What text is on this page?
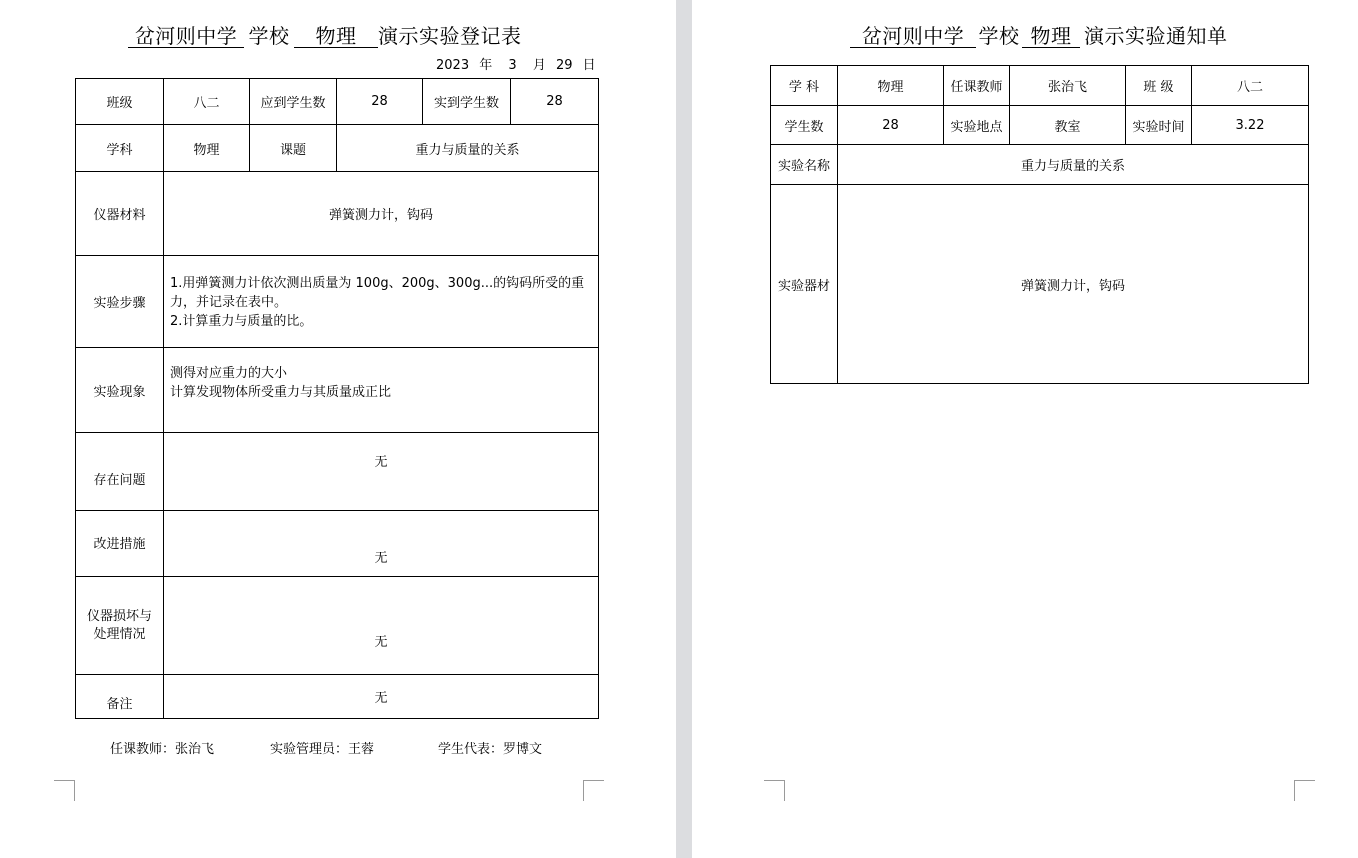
岔河则中学 学校 物理 演示实验登记表
2023 年 3 月 29 日
班级	八二	应到学生数	28	实到学生数	28
学科	物理	课题	重力与质量的关系		
仪器材料	弹簧测力计，钩码				
实验步骤	1.用弹簧测力计依次测出质量为 100g、200g、300g...的钩码所受的重
力，并记录在表中。
2.计算重力与质量的比。				

实验现象	测得对应重力的大小
计算发现物体所受重力与其质量成正比				

存在问题	无				

改进措施	无				

仪器损坏与
处理情况	无				

备注	无				
任课教师：张治飞	实验管理员：王蓉	学生代表：罗博文
岔河则中学 学校 物理 演示实验通知单
学 科	物理	任课教师	张治飞	班 级	八二
学生数	28	实验地点	教室	实验时间	3.22
实验名称	重力与质量的关系				
实验器材	弹簧测力计，钩码				
